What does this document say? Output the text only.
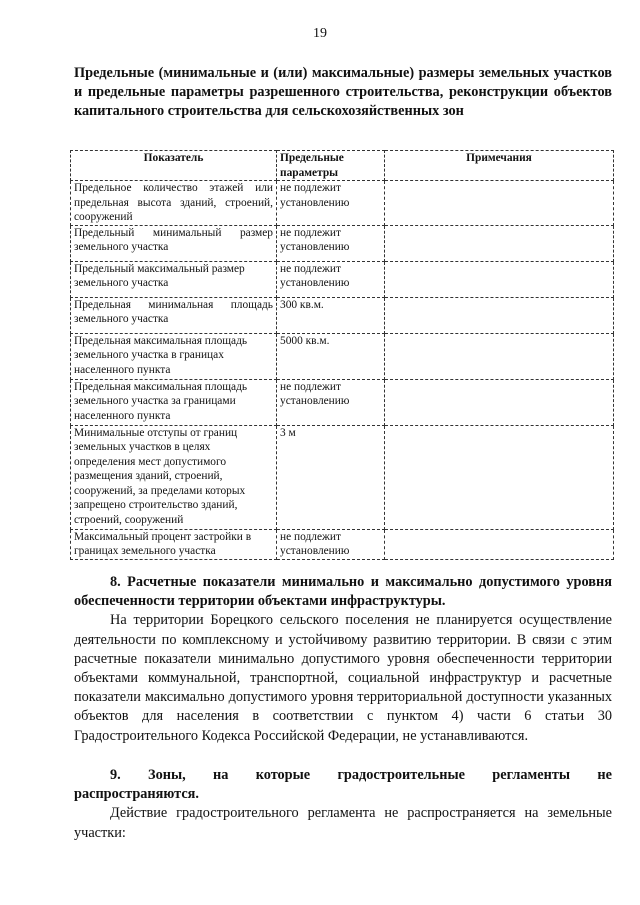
19
Предельные (минимальные и (или) максимальные) размеры земельных участков и предельные параметры разрешенного строительства, реконструкции объектов капитального строительства для сельскохозяйственных зон
Показатель	Предельные параметры	Примечания
Предельное количество этажей или предельная высота зданий, строений, сооружений	не подлежит установлению	
Предельный минимальный размер земельного участка	не подлежит установлению	
Предельный максимальный размер земельного участка	не подлежит установлению	
Предельная минимальная площадь земельного участка	300 кв.м.	
Предельная максимальная площадь земельного участка в границах населенного пункта	5000 кв.м.	
Предельная максимальная площадь земельного участка за границами населенного пункта	не подлежит установлению	
Минимальные отступы от границ земельных участков в целях определения мест допустимого размещения зданий, строений, сооружений, за пределами которых запрещено строительство зданий, строений, сооружений	3 м	
Максимальный процент застройки в границах земельного участка	не подлежит установлению	

8. Расчетные показатели минимально и максимально допустимого уровня обеспеченности территории объектами инфраструктуры.

На территории Борецкого сельского поселения не планируется осуществление деятельности по комплексному и устойчивому развитию территории. В связи с этим расчетные показатели минимально допустимого уровня обеспеченности территории объектами коммунальной, транспортной, социальной инфраструктур и расчетные показатели максимально допустимого уровня территориальной доступности указанных объектов для населения в соответствии с пунктом 4) части 6 статьи 30 Градостроительного Кодекса Российской Федерации, не устанавливаются.

9. Зоны, на которые градостроительные регламенты не
распространяются.

Действие градостроительного регламента не распространяется на земельные участки:
